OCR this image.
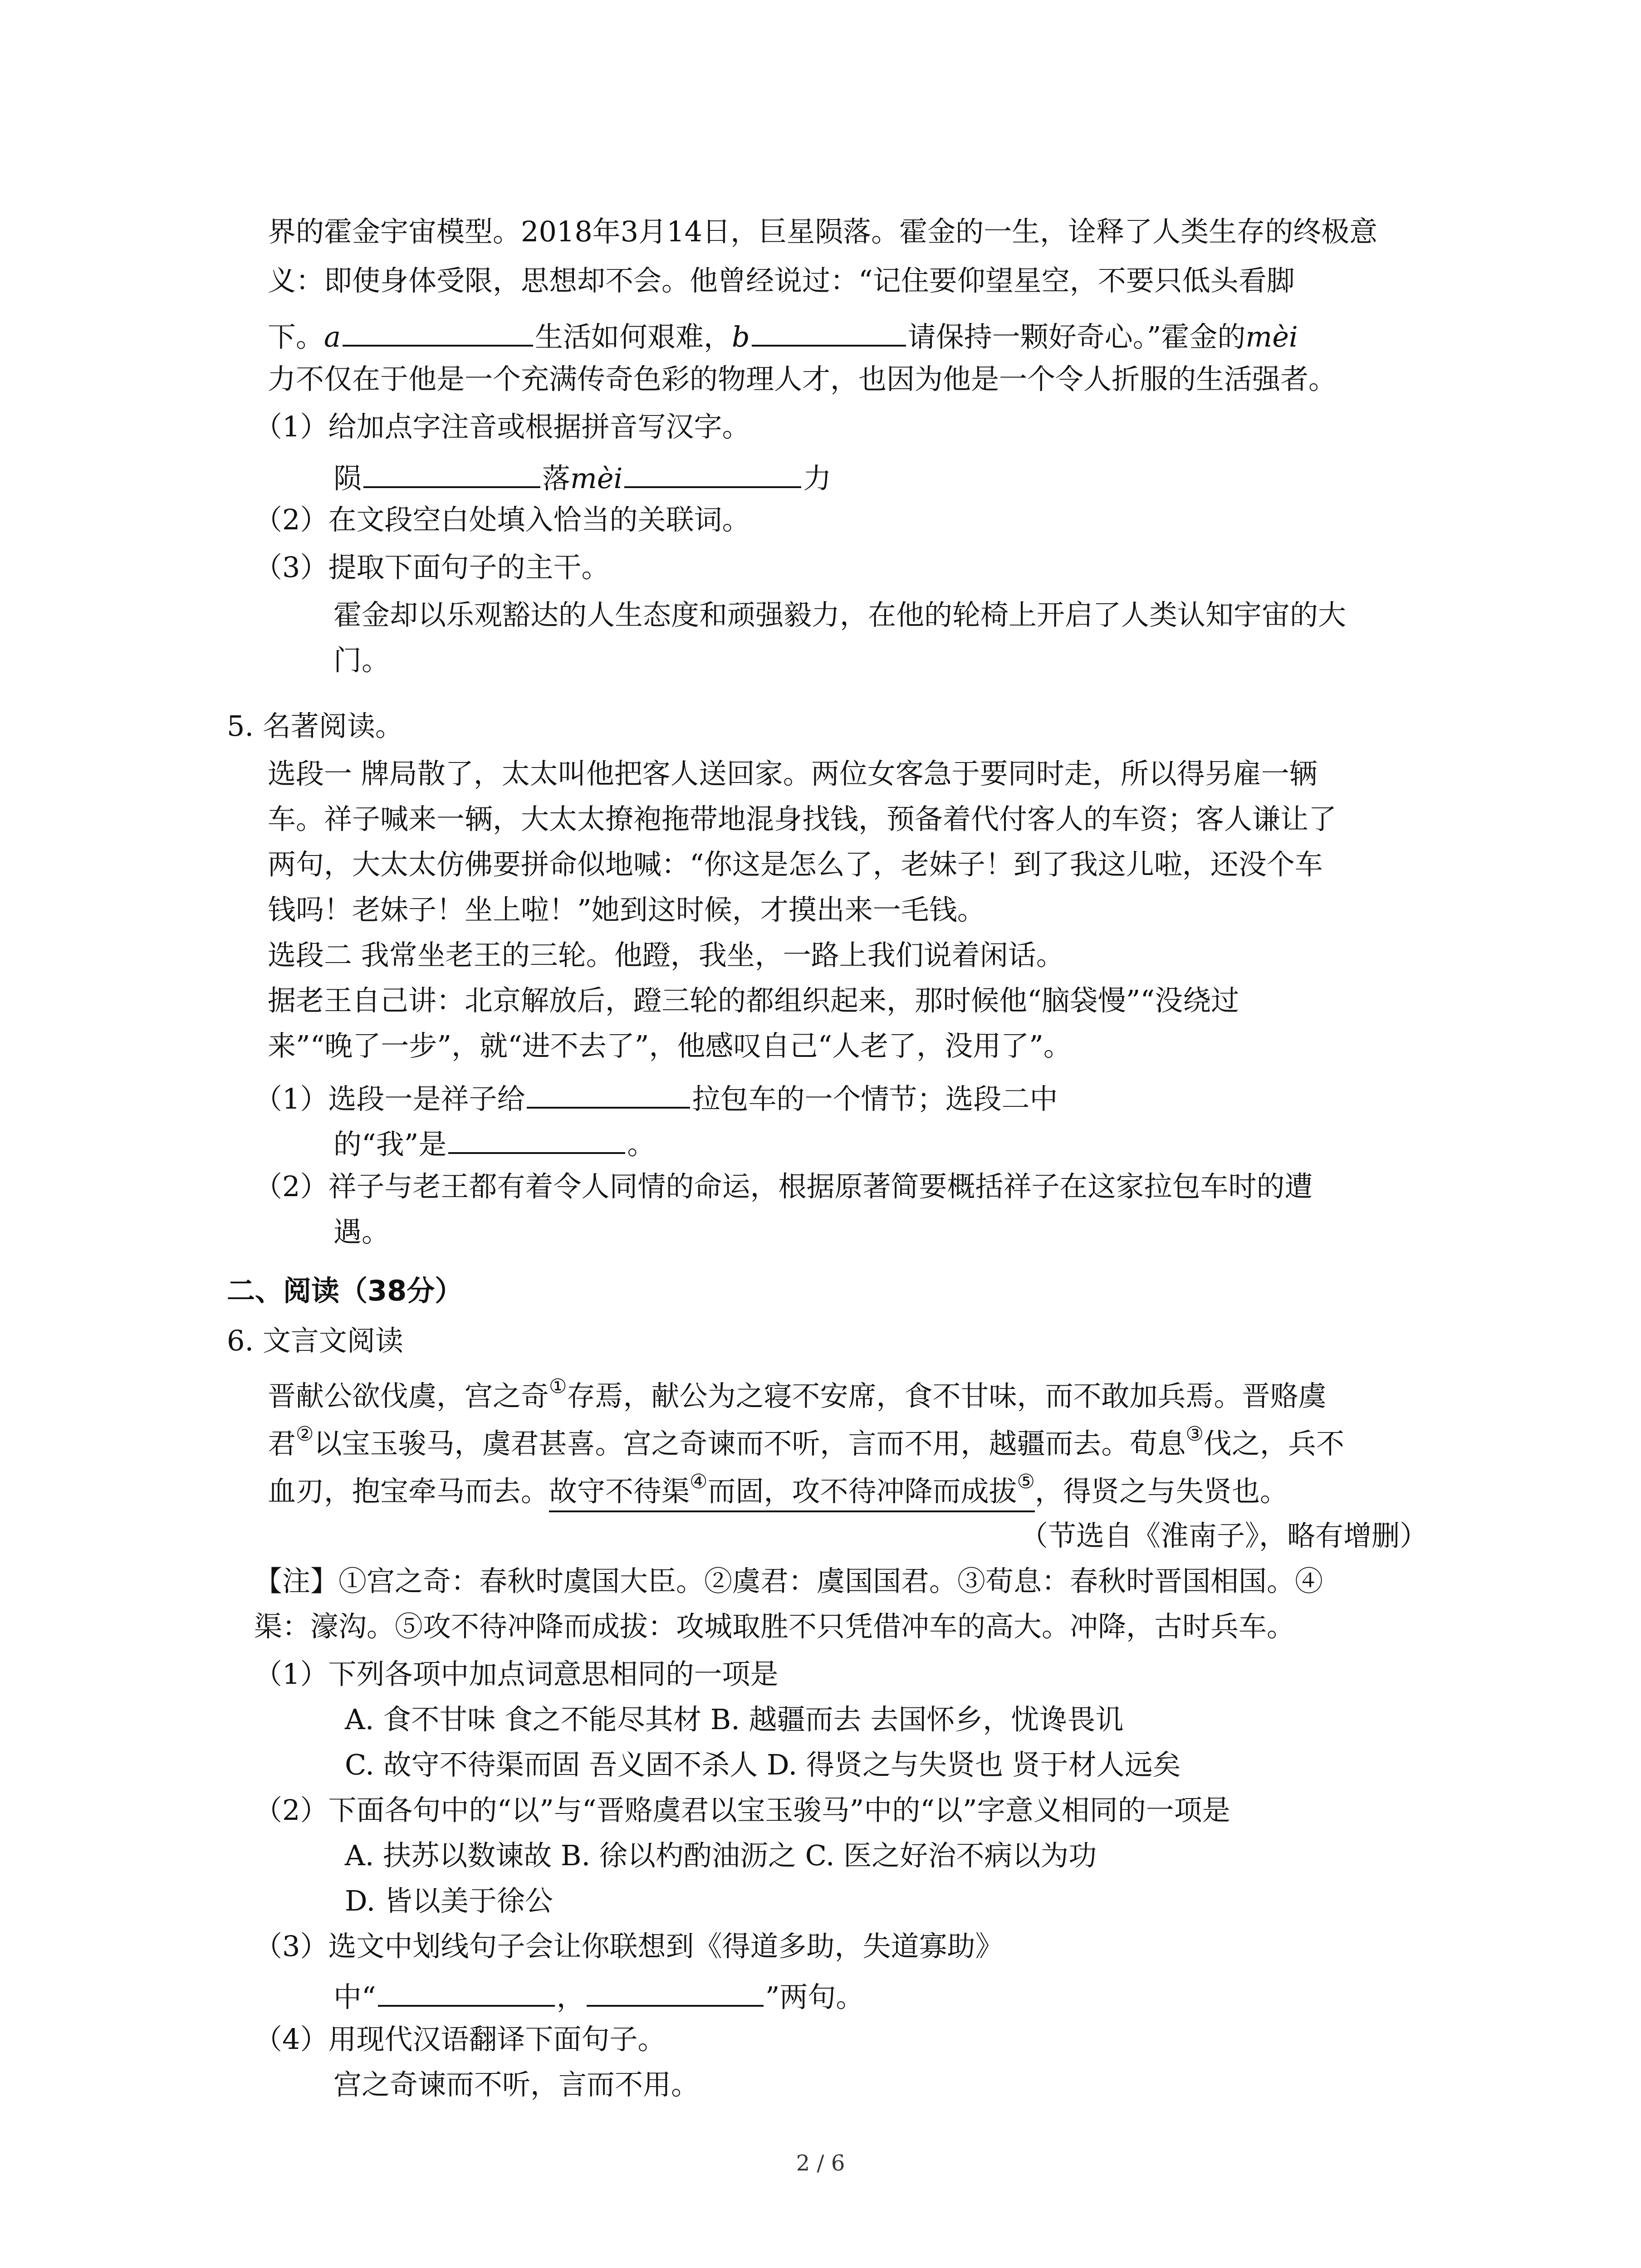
界的霍金宇宙模型。2018年3月14日，巨星陨落。霍金的一生，诠释了人类生存的终极意
义：即使身体受限，思想却不会。他曾经说过：“记住要仰望星空，不要只低头看脚
下。a	生活如何艰难，b	请保持一颗好奇心。”霍金的mèi
力不仅在于他是一个充满传奇色彩的物理人才，也因为他是一个令人折服的生活强者。
（1）给加点字注音或根据拼音写汉字。
陨	落mèi	力
（2）在文段空白处填入恰当的关联词。
（3）提取下面句子的主干。
霍金却以乐观豁达的人生态度和顽强毅力，在他的轮椅上开启了人类认知宇宙的大
门。
5. 名著阅读。
选段一 牌局散了，太太叫他把客人送回家。两位女客急于要同时走，所以得另雇一辆
车。祥子喊来一辆，大太太撩袍拖带地混身找钱，预备着代付客人的车资；客人谦让了
两句，大太太仿佛要拼命似地喊：“你这是怎么了，老妹子！到了我这儿啦，还没个车
钱吗！老妹子！坐上啦！”她到这时候，才摸出来一毛钱。
选段二 我常坐老王的三轮。他蹬，我坐，一路上我们说着闲话。
据老王自己讲：北京解放后，蹬三轮的都组织起来，那时候他“脑袋慢”“没绕过
来”“晚了一步”，就“进不去了”，他感叹自己“人老了，没用了”。
（1）选段一是祥子给	拉包车的一个情节；选段二中
的“我”是	。
（2）祥子与老王都有着令人同情的命运，根据原著简要概括祥子在这家拉包车时的遭
遇。
二、阅读（38分）
6. 文言文阅读
晋献公欲伐虞，宫之奇①存焉，献公为之寝不安席，食不甘味，而不敢加兵焉。晋赂虞
君②以宝玉骏马，虞君甚喜。宫之奇谏而不听，言而不用，越疆而去。荀息③伐之，兵不
血刃，抱宝牵马而去。故守不待渠④而固，攻不待冲降而成拔⑤，得贤之与失贤也。
（节选自《淮南子》，略有增删）
【注】①宫之奇：春秋时虞国大臣。②虞君：虞国国君。③荀息：春秋时晋国相国。④
渠：濠沟。⑤攻不待冲降而成拔：攻城取胜不只凭借冲车的高大。冲降，古时兵车。
（1）下列各项中加点词意思相同的一项是
A. 食不甘味 食之不能尽其材 B. 越疆而去 去国怀乡，忧谗畏讥
C. 故守不待渠而固 吾义固不杀人 D. 得贤之与失贤也 贤于材人远矣
（2）下面各句中的“以”与“晋赂虞君以宝玉骏马”中的“以”字意义相同的一项是
A. 扶苏以数谏故 B. 徐以杓酌油沥之 C. 医之好治不病以为功
D. 皆以美于徐公
（3）选文中划线句子会让你联想到《得道多助，失道寡助》
中“	，	”两句。
（4）用现代汉语翻译下面句子。
宫之奇谏而不听，言而不用。
2 / 6
